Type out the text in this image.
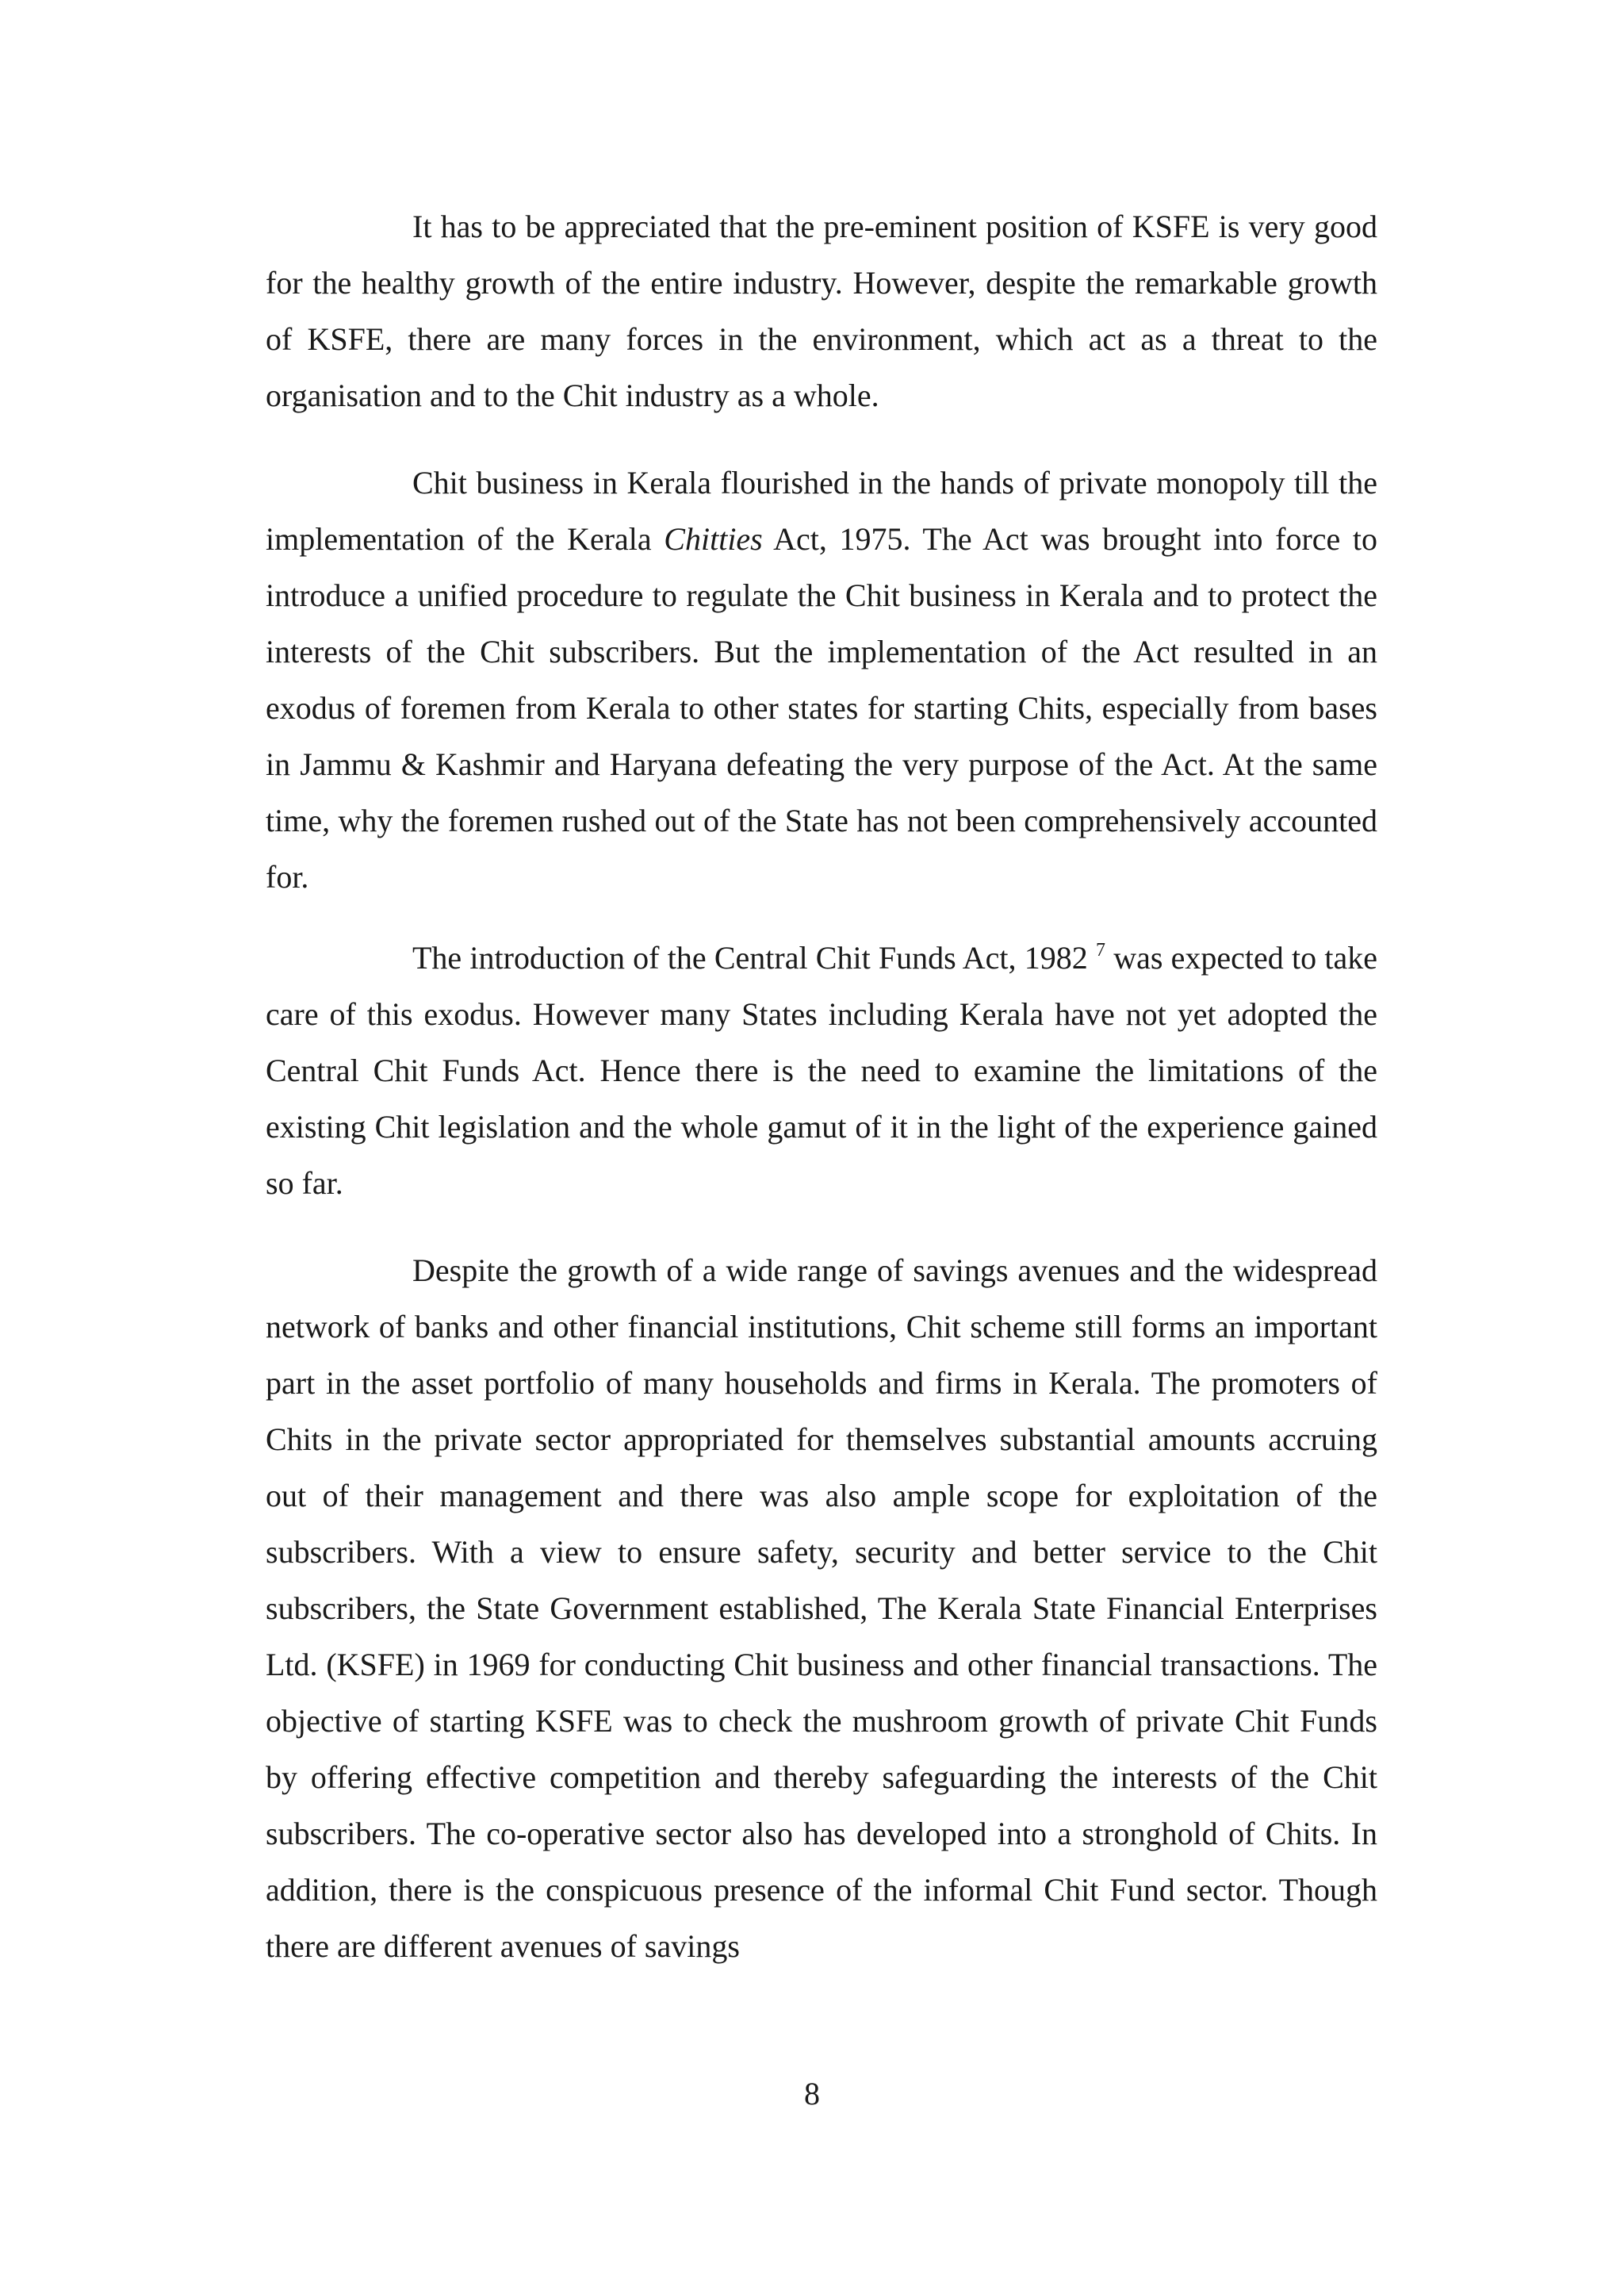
It has to be appreciated that the pre-eminent position of KSFE is very good for the healthy growth of the entire industry. However, despite the remarkable growth of KSFE, there are many forces in the environment, which act as a threat to the organisation and to the Chit industry as a whole.

Chit business in Kerala flourished in the hands of private monopoly till the implementation of the Kerala Chitties Act, 1975. The Act was brought into force to introduce a unified procedure to regulate the Chit business in Kerala and to protect the interests of the Chit subscribers. But the implementation of the Act resulted in an exodus of foremen from Kerala to other states for starting Chits, especially from bases in Jammu & Kashmir and Haryana defeating the very purpose of the Act. At the same time, why the foremen rushed out of the State has not been comprehensively accounted for.

The introduction of the Central Chit Funds Act, 1982 $^7$ was expected to take care of this exodus. However many States including Kerala have not yet adopted the Central Chit Funds Act. Hence there is the need to examine the limitations of the existing Chit legislation and the whole gamut of it in the light of the experience gained so far.

Despite the growth of a wide range of savings avenues and the widespread network of banks and other financial institutions, Chit scheme still forms an important part in the asset portfolio of many households and firms in Kerala. The promoters of Chits in the private sector appropriated for themselves substantial amounts accruing out of their management and there was also ample scope for exploitation of the subscribers. With a view to ensure safety, security and better service to the Chit subscribers, the State Government established, The Kerala State Financial Enterprises Ltd. (KSFE) in 1969 for conducting Chit business and other financial transactions. The objective of starting KSFE was to check the mushroom growth of private Chit Funds by offering effective competition and thereby safeguarding the interests of the Chit subscribers. The co-operative sector also has developed into a stronghold of Chits. In addition, there is the conspicuous presence of the informal Chit Fund sector. Though there are different avenues of savings

8
